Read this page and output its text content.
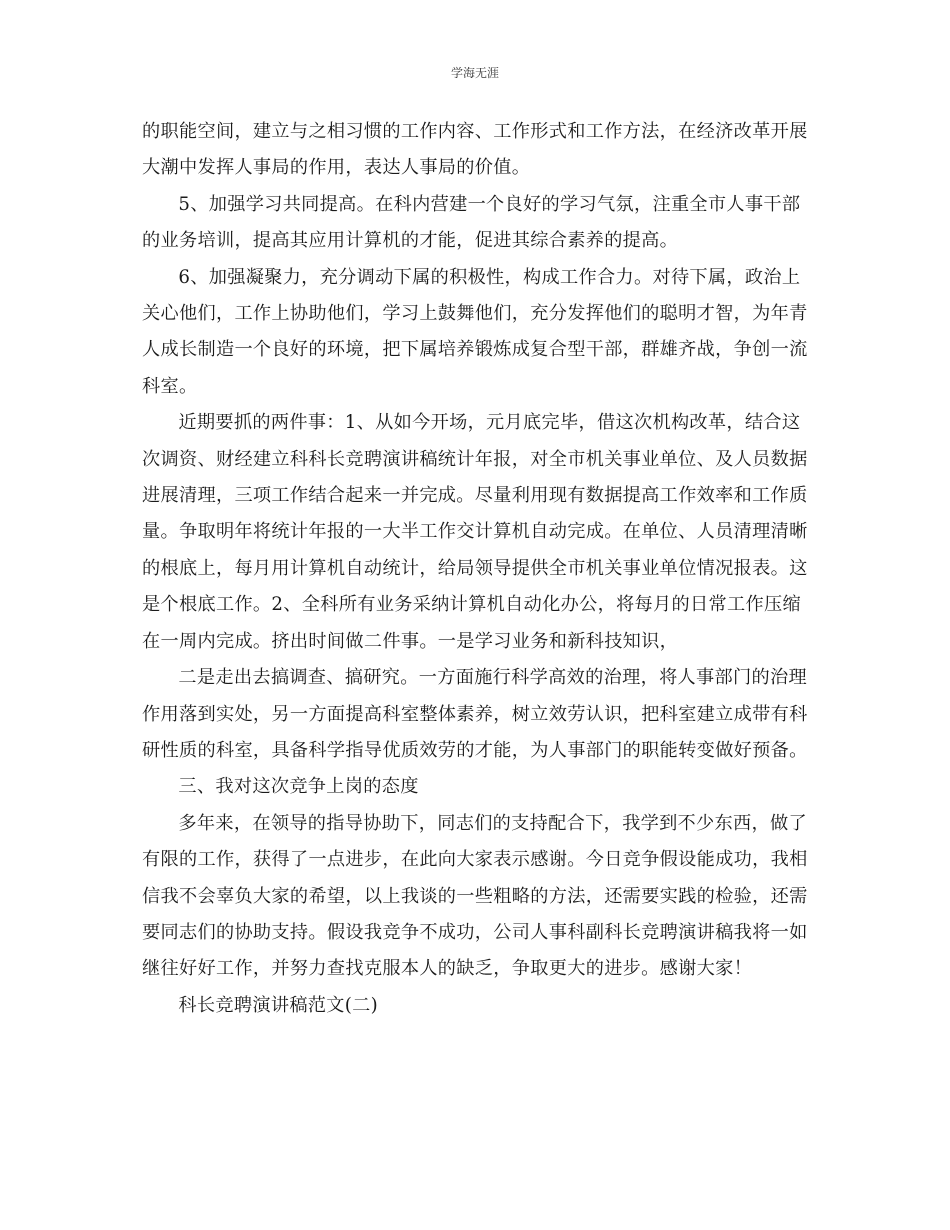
学海无涯

的职能空间，建立与之相习惯的工作内容、工作形式和工作方法，在经济改革开展大潮中发挥人事局的作用，表达人事局的价值。

5、加强学习共同提高。在科内营建一个良好的学习气氛，注重全市人事干部的业务培训，提高其应用计算机的才能，促进其综合素养的提高。

6、加强凝聚力，充分调动下属的积极性，构成工作合力。对待下属，政治上关心他们，工作上协助他们，学习上鼓舞他们，充分发挥他们的聪明才智，为年青人成长制造一个良好的环境，把下属培养锻炼成复合型干部，群雄齐战，争创一流科室。

近期要抓的两件事：1、从如今开场，元月底完毕，借这次机构改革，结合这次调资、财经建立科科长竞聘演讲稿统计年报，对全市机关事业单位、及人员数据进展清理，三项工作结合起来一并完成。尽量利用现有数据提高工作效率和工作质量。争取明年将统计年报的一大半工作交计算机自动完成。在单位、人员清理清晰的根底上，每月用计算机自动统计，给局领导提供全市机关事业单位情况报表。这是个根底工作。2、全科所有业务采纳计算机自动化办公，将每月的日常工作压缩在一周内完成。挤出时间做二件事。一是学习业务和新科技知识，

二是走出去搞调查、搞研究。一方面施行科学高效的治理，将人事部门的治理作用落到实处，另一方面提高科室整体素养，树立效劳认识，把科室建立成带有科研性质的科室，具备科学指导优质效劳的才能，为人事部门的职能转变做好预备。

三、我对这次竞争上岗的态度

多年来，在领导的指导协助下，同志们的支持配合下，我学到不少东西，做了有限的工作，获得了一点进步，在此向大家表示感谢。今日竞争假设能成功，我相信我不会辜负大家的希望，以上我谈的一些粗略的方法，还需要实践的检验，还需要同志们的协助支持。假设我竞争不成功，公司人事科副科长竞聘演讲稿我将一如继往好好工作，并努力查找克服本人的缺乏，争取更大的进步。感谢大家！

科长竞聘演讲稿范文(二)
